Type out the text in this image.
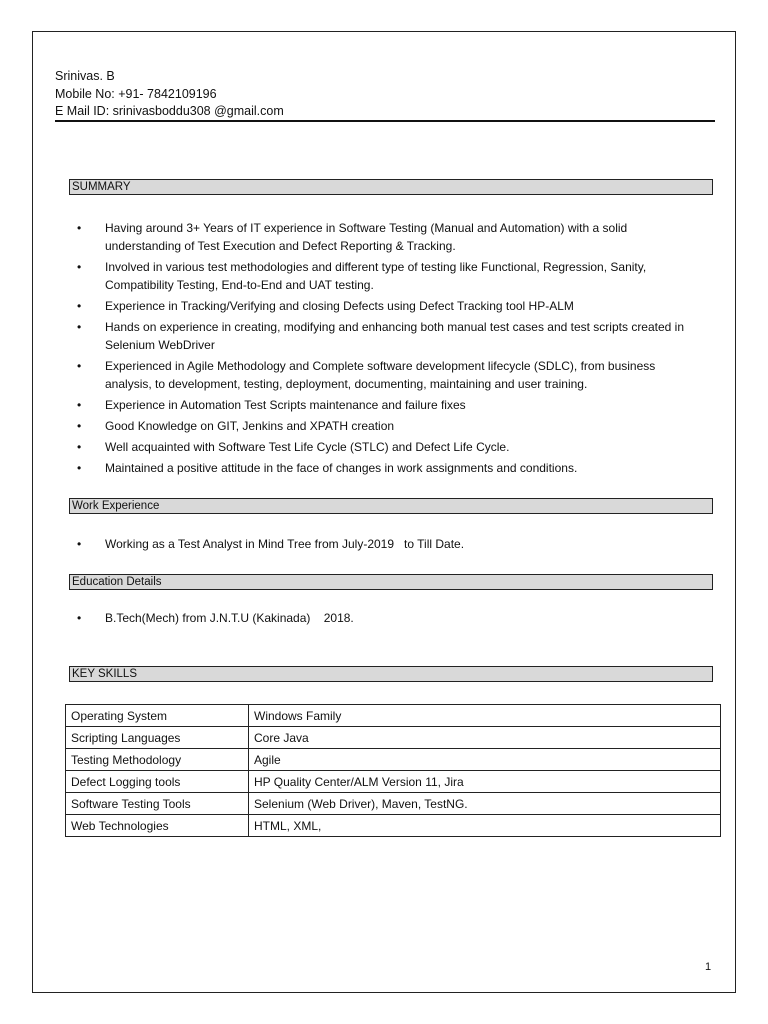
Srinivas. B
Mobile No: +91- 7842109196
E Mail ID: srinivasboddu308 @gmail.com
SUMMARY
• Having around 3+ Years of IT experience in Software Testing (Manual and Automation) with a solid understanding of Test Execution and Defect Reporting & Tracking.
• Involved in various test methodologies and different type of testing like Functional, Regression, Sanity, Compatibility Testing, End-to-End and UAT testing.
• Experience in Tracking/Verifying and closing Defects using Defect Tracking tool HP-ALM
• Hands on experience in creating, modifying and enhancing both manual test cases and test scripts created in Selenium WebDriver
• Experienced in Agile Methodology and Complete software development lifecycle (SDLC), from business analysis, to development, testing, deployment, documenting, maintaining and user training.
• Experience in Automation Test Scripts maintenance and failure fixes
• Good Knowledge on GIT, Jenkins and XPATH creation
• Well acquainted with Software Test Life Cycle (STLC) and Defect Life Cycle.
• Maintained a positive attitude in the face of changes in work assignments and conditions.
Work Experience
• Working as a Test Analyst in Mind Tree from July-2019   to Till Date.
Education Details
• B.Tech(Mech) from J.N.T.U (Kakinada)    2018.
KEY SKILLS
Operating System	Windows Family
Scripting Languages	Core Java
Testing Methodology	Agile
Defect Logging tools	HP Quality Center/ALM Version 11, Jira
Software Testing Tools	Selenium (Web Driver), Maven, TestNG.
Web Technologies	HTML, XML,
1
